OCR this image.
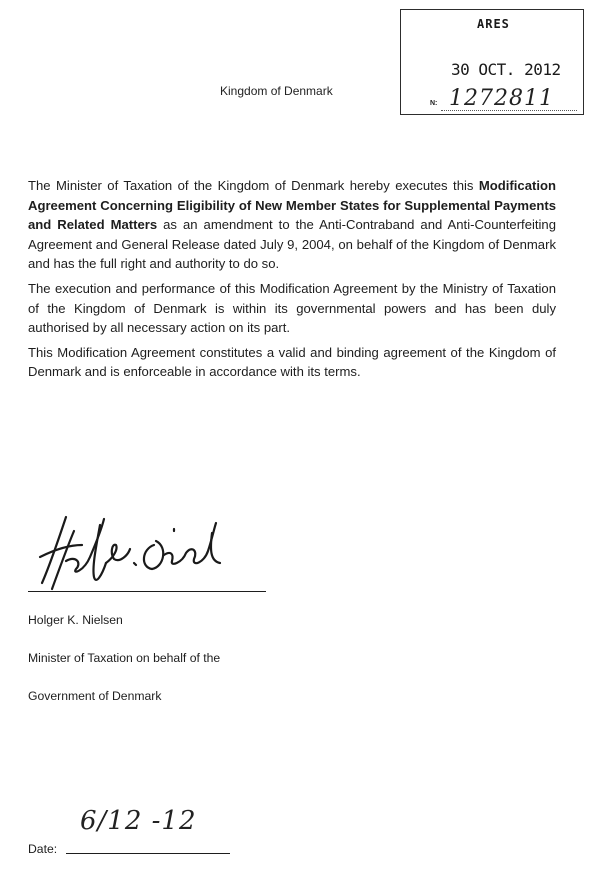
ARES
30 OCT. 2012
N: 1272811
Kingdom of Denmark

The Minister of Taxation of the Kingdom of Denmark hereby executes this Modification Agreement Concerning Eligibility of New Member States for Supplemental Payments and Related Matters as an amendment to the Anti-Contraband and Anti-Counterfeiting Agreement and General Release dated July 9, 2004, on behalf of the Kingdom of Denmark and has the full right and authority to do so.

The execution and performance of this Modification Agreement by the Ministry of Taxation of the Kingdom of Denmark is within its governmental powers and has been duly authorised by all necessary action on its part.

This Modification Agreement constitutes a valid and binding agreement of the Kingdom of Denmark and is enforceable in accordance with its terms.

Holger K. Nielsen
Minister of Taxation on behalf of the
Government of Denmark
Date:
6/12 -12
